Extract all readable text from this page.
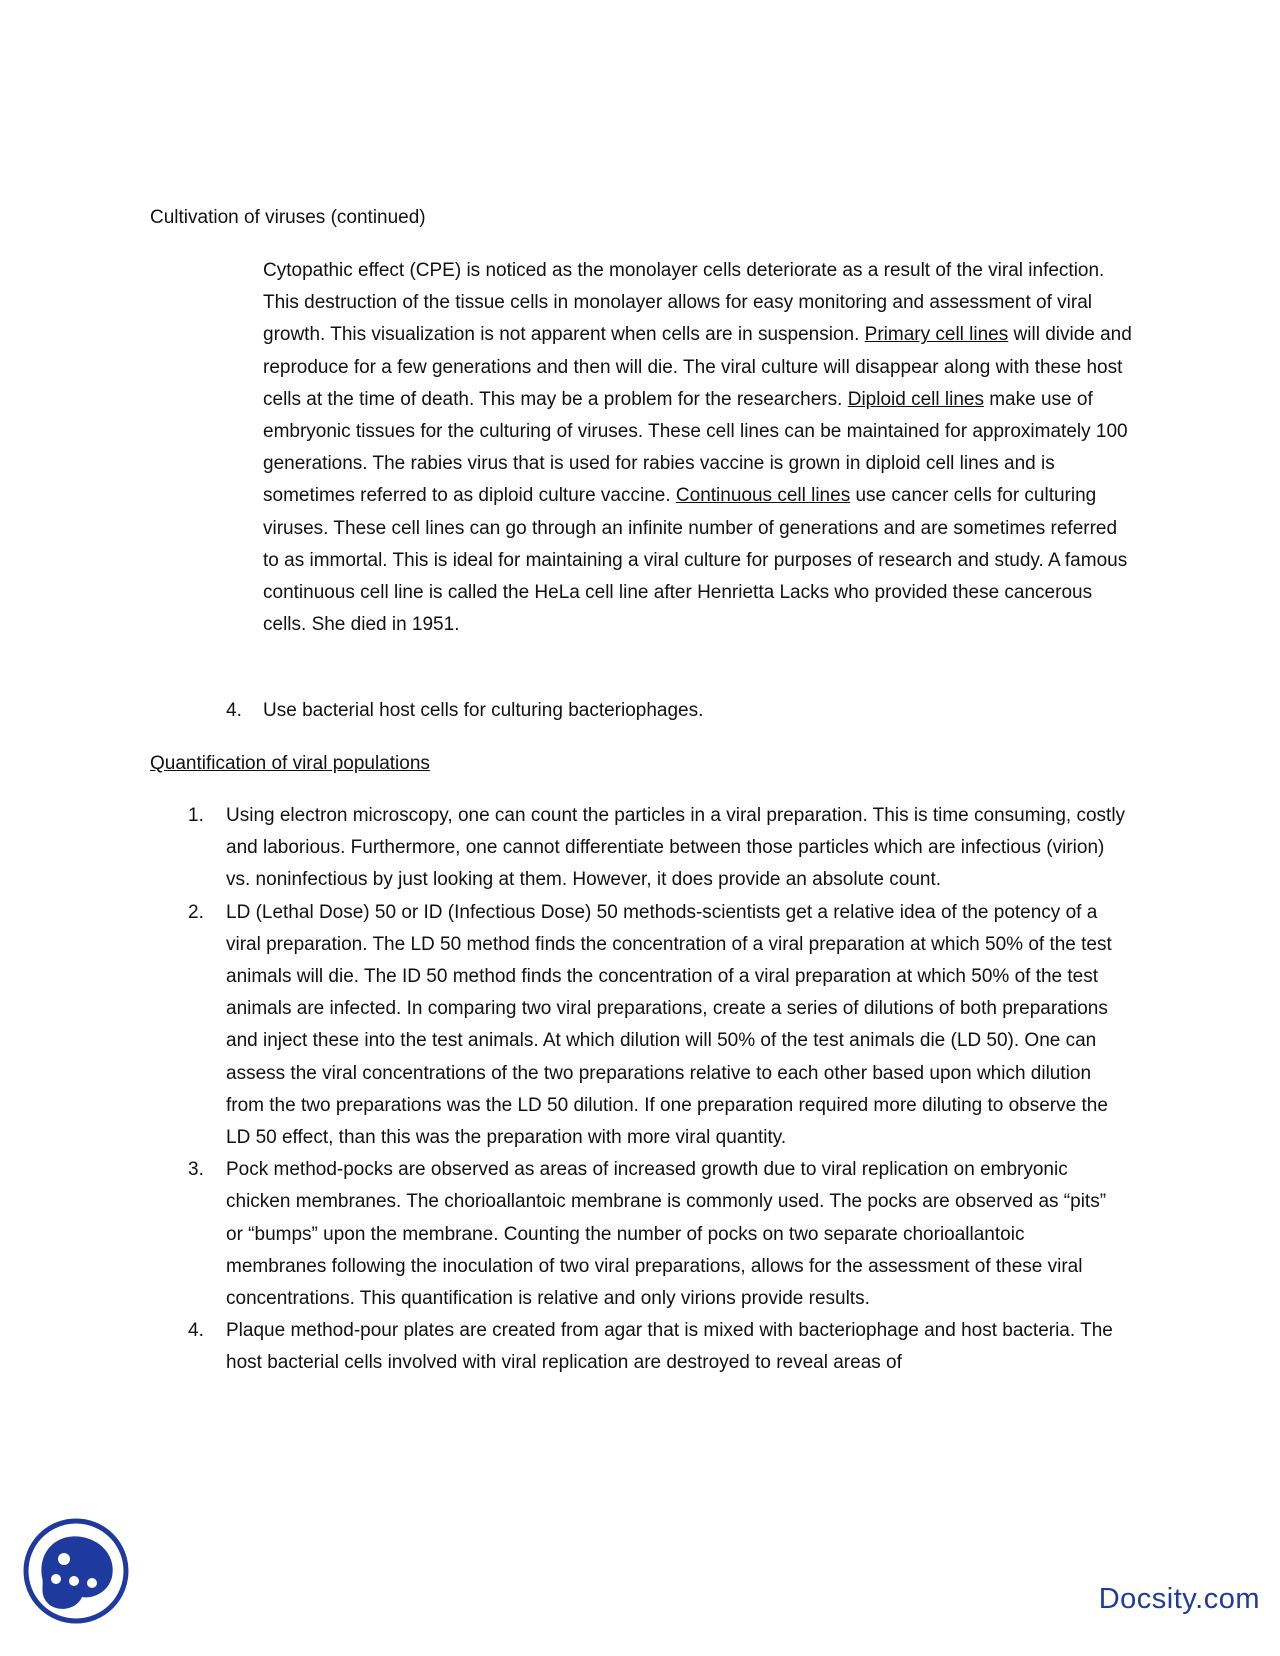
Cultivation of viruses (continued)

Cytopathic effect (CPE) is noticed as the monolayer cells deteriorate as a result of the viral infection. This destruction of the tissue cells in monolayer allows for easy monitoring and assessment of viral growth. This visualization is not apparent when cells are in suspension. Primary cell lines will divide and reproduce for a few generations and then will die. The viral culture will disappear along with these host cells at the time of death. This may be a problem for the researchers. Diploid cell lines make use of embryonic tissues for the culturing of viruses. These cell lines can be maintained for approximately 100 generations. The rabies virus that is used for rabies vaccine is grown in diploid cell lines and is sometimes referred to as diploid culture vaccine. Continuous cell lines use cancer cells for culturing viruses. These cell lines can go through an infinite number of generations and are sometimes referred to as immortal. This is ideal for maintaining a viral culture for purposes of research and study. A famous continuous cell line is called the HeLa cell line after Henrietta Lacks who provided these cancerous cells. She died in 1951.

4.	Use bacterial host cells for culturing bacteriophages.
Quantification of viral populations
1. Using electron microscopy, one can count the particles in a viral preparation. This is time consuming, costly and laborious. Furthermore, one cannot differentiate between those particles which are infectious (virion) vs. noninfectious by just looking at them. However, it does provide an absolute count.
2. LD (Lethal Dose) 50 or ID (Infectious Dose) 50 methods-scientists get a relative idea of the potency of a viral preparation. The LD 50 method finds the concentration of a viral preparation at which 50% of the test animals will die. The ID 50 method finds the concentration of a viral preparation at which 50% of the test animals are infected. In comparing two viral preparations, create a series of dilutions of both preparations and inject these into the test animals. At which dilution will 50% of the test animals die (LD 50). One can assess the viral concentrations of the two preparations relative to each other based upon which dilution from the two preparations was the LD 50 dilution. If one preparation required more diluting to observe the LD 50 effect, than this was the preparation with more viral quantity.
3. Pock method-pocks are observed as areas of increased growth due to viral replication on embryonic chicken membranes. The chorioallantoic membrane is commonly used. The pocks are observed as “pits” or “bumps” upon the membrane. Counting the number of pocks on two separate chorioallantoic membranes following the inoculation of two viral preparations, allows for the assessment of these viral concentrations. This quantification is relative and only virions provide results.
4. Plaque method-pour plates are created from agar that is mixed with bacteriophage and host bacteria. The host bacterial cells involved with viral replication are destroyed to reveal areas of
Docsity.com
